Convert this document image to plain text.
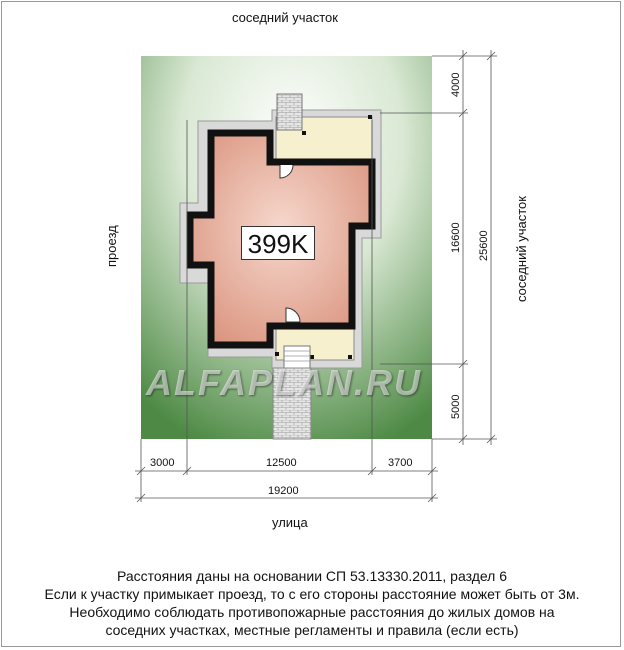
399K
ALFAPLAN.RU
соседний участок
проезд	соседний участок
улица
3000	12500	3700
19200
4000
16600
5000
25600
Расстояния даны на основании СП 53.13330.2011, раздел 6
Если к участку примыкает проезд, то с его стороны расстояние может быть от 3м.
Необходимо соблюдать противопожарные расстояния до жилых домов на
соседних участках, местные регламенты и правила (если есть)
